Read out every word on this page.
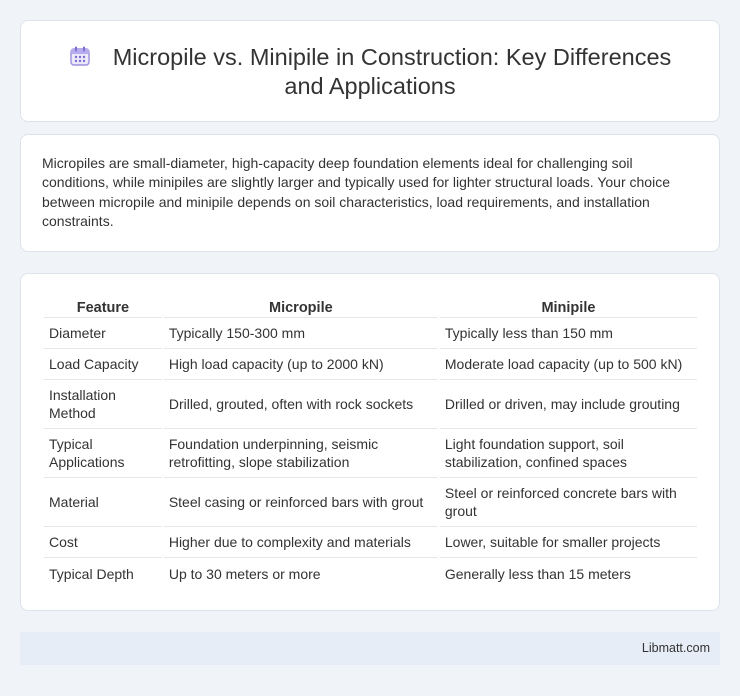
Micropile vs. Minipile in Construction: Key Differences
and Applications

Micropiles are small-diameter, high-capacity deep foundation elements ideal for challenging soil conditions, while minipiles are slightly larger and typically used for lighter structural loads. Your choice between micropile and minipile depends on soil characteristics, load requirements, and installation constraints.

Feature	Micropile	Minipile
Diameter	Typically 150-300 mm	Typically less than 150 mm
Load Capacity	High load capacity (up to 2000 kN)	Moderate load capacity (up to 500 kN)
Installation Method	Drilled, grouted, often with rock sockets	Drilled or driven, may include grouting
Typical Applications	Foundation underpinning, seismic retrofitting, slope stabilization	Light foundation support, soil stabilization, confined spaces
Material	Steel casing or reinforced bars with grout	Steel or reinforced concrete bars with grout
Cost	Higher due to complexity and materials	Lower, suitable for smaller projects
Typical Depth	Up to 30 meters or more	Generally less than 15 meters
Libmatt.com
